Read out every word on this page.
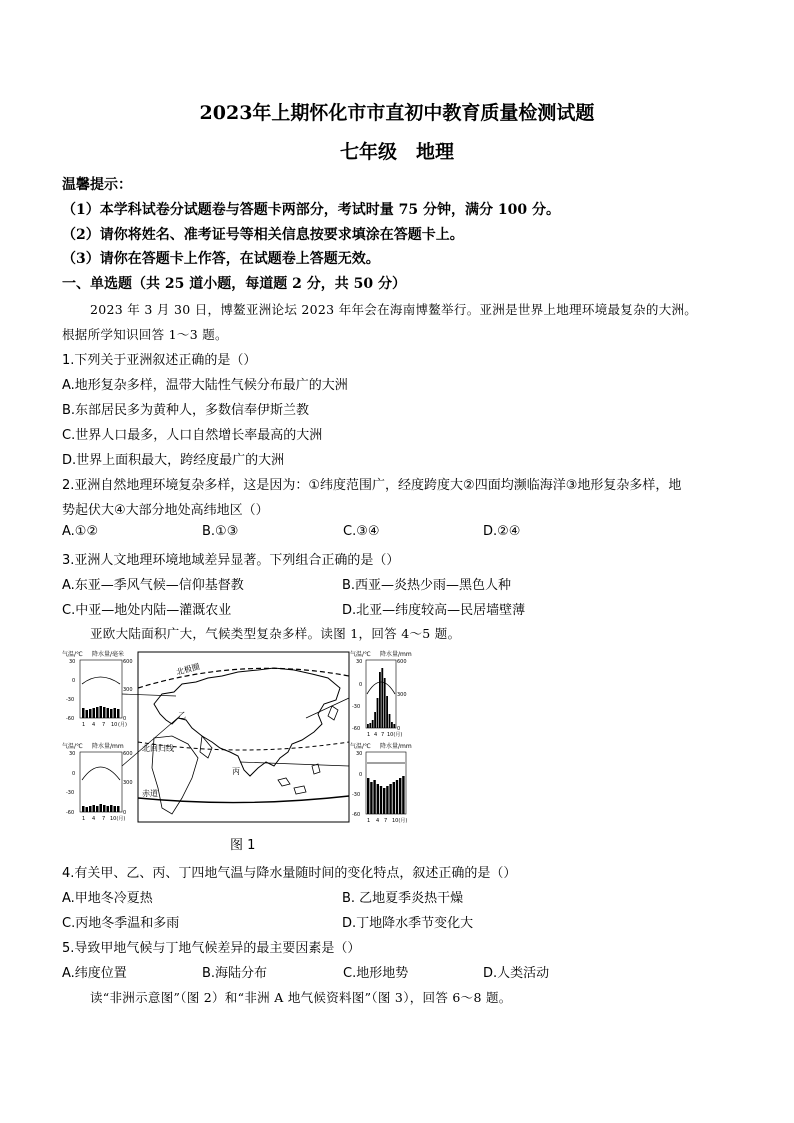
2023年上期怀化市市直初中教育质量检测试题
七年级　地理
温馨提示：
（1）本学科试卷分试题卷与答题卡两部分，考试时量 75 分钟，满分 100 分。
（2）请你将姓名、准考证号等相关信息按要求填涂在答题卡上。
（3）请你在答题卡上作答，在试题卷上答题无效。
一、单选题（共 25 道小题，每道题 2 分，共 50 分）
2023 年 3 月 30 日，博鳌亚洲论坛 2023 年年会在海南博鳌举行。亚洲是世界上地理环境最复杂的大洲。
根据所学知识回答 1～3 题。
1.下列关于亚洲叙述正确的是（）
A.地形复杂多样，温带大陆性气候分布最广的大洲
B.东部居民多为黄种人，多数信奉伊斯兰教
C.世界人口最多，人口自然增长率最高的大洲
D.世界上面积最大，跨经度最广的大洲
2.亚洲自然地理环境复杂多样，这是因为：①纬度范围广，经度跨度大②四面均濒临海洋③地形复杂多样，地
势起伏大④大部分地处高纬地区（）
A.①②	B.①③	C.③④	D.②④
3.亚洲人文地理环境地域差异显著。下列组合正确的是（）
A.东亚—季风气候—信仰基督教	B.西亚—炎热少雨—黑色人种
C.中亚—地处内陆—灌溉农业	D.北亚—纬度较高—民居墙壁薄
亚欧大陆面积广大，气候类型复杂多样。读图 1，回答 4～5 题。
北极圈
北回归线
赤道
乙
丙
气温/℃ 降水量/毫米
30
0
-30
-60
600
300
0
1 4 7 10 (月)
气温/℃ 降水量/mm
30
0
-30
-60
600
300
0
1 4 7 10(月)
气温/℃ 降水量/mm
30
0
-30
-60
600
300
0
1 4 7 10(月)
气温/℃ 降水量/mm
30
0
-30
-60
1 4 7 10(月)
图 1
4.有关甲、乙、丙、丁四地气温与降水量随时间的变化特点，叙述正确的是（）
A.甲地冬冷夏热	B. 乙地夏季炎热干燥
C.丙地冬季温和多雨	D.丁地降水季节变化大
5.导致甲地气候与丁地气候差异的最主要因素是（）
A.纬度位置	B.海陆分布	C.地形地势	D.人类活动
读“非洲示意图”（图 2）和“非洲 A 地气候资料图”（图 3），回答 6～8 题。
